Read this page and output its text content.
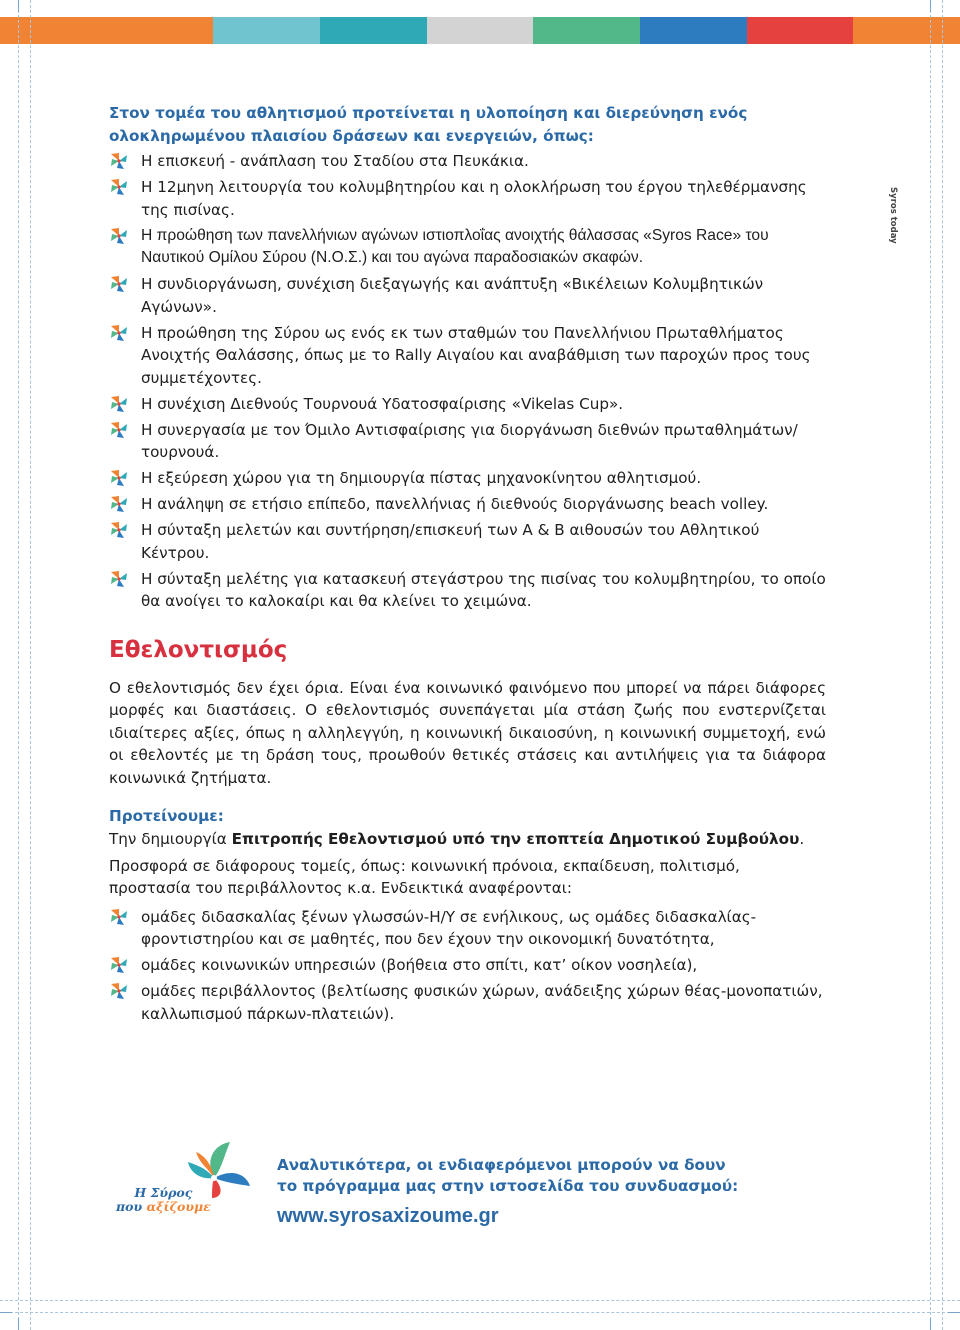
Syros today

Στον τομέα του αθλητισμού προτείνεται η υλοποίηση και διερεύνηση ενός ολοκληρωμένου πλαισίου δράσεων και ενεργειών, όπως:

Η επισκευή - ανάπλαση του Σταδίου στα Πευκάκια.
Η 12μηνη λειτουργία του κολυμβητηρίου και η ολοκλήρωση του έργου τηλεθέρμανσης της πισίνας.
Η προώθηση των πανελλήνιων αγώνων ιστιοπλοΐας ανοιχτής θάλασσας «Syros Race» του Ναυτικού Ομίλου Σύρου (Ν.Ο.Σ.) και του αγώνα παραδοσιακών σκαφών.
Η συνδιοργάνωση, συνέχιση διεξαγωγής και ανάπτυξη «Βικέλειων Κολυμβητικών Αγώνων».
Η προώθηση της Σύρου ως ενός εκ των σταθμών του Πανελλήνιου Πρωταθλήματος Ανοιχτής Θαλάσσης, όπως με το Rally Αιγαίου και αναβάθμιση των παροχών προς τους συμμετέχοντες.
Η συνέχιση Διεθνούς Τουρνουά Υδατοσφαίρισης «Vikelas Cup».
Η συνεργασία με τον Όμιλο Αντισφαίρισης για διοργάνωση διεθνών πρωταθλημάτων/τουρνουά.
Η εξεύρεση χώρου για τη δημιουργία πίστας μηχανοκίνητου αθλητισμού.
Η ανάληψη σε ετήσιο επίπεδο, πανελλήνιας ή διεθνούς διοργάνωσης beach volley.
Η σύνταξη μελετών και συντήρηση/επισκευή των Α & Β αιθουσών του Αθλητικού Κέντρου.
Η σύνταξη μελέτης για κατασκευή στεγάστρου της πισίνας του κολυμβητηρίου, το οποίο θα ανοίγει το καλοκαίρι και θα κλείνει το χειμώνα.
Εθελοντισμός

Ο εθελοντισμός δεν έχει όρια. Είναι ένα κοινωνικό φαινόμενο που μπορεί να πάρει διάφορες μορφές και διαστάσεις. Ο εθελοντισμός συνεπάγεται μία στάση ζωής που ενστερνίζεται ιδιαίτερες αξίες, όπως η αλληλεγγύη, η κοινωνική δικαιοσύνη, η κοινωνική συμμετοχή, ενώ οι εθελοντές με τη δράση τους, προωθούν θετικές στάσεις και αντιλήψεις για τα διάφορα κοινωνικά ζητήματα.

Προτείνουμε:

Την δημιουργία Επιτροπής Εθελοντισμού υπό την εποπτεία Δημοτικού Συμβούλου.

Προσφορά σε διάφορους τομείς, όπως: κοινωνική πρόνοια, εκπαίδευση, πολιτισμό, προστασία του περιβάλλοντος κ.α. Ενδεικτικά αναφέρονται:

ομάδες διδασκαλίας ξένων γλωσσών-Η/Υ σε ενήλικους, ως ομάδες διδασκαλίας-φροντιστηρίου και σε μαθητές, που δεν έχουν την οικονομική δυνατότητα,
ομάδες κοινωνικών υπηρεσιών (βοήθεια στο σπίτι, κατ’ οίκον νοσηλεία),
ομάδες περιβάλλοντος (βελτίωσης φυσικών χώρων, ανάδειξης χώρων θέας-μονοπατιών, καλλωπισμού πάρκων-πλατειών).
Η Σύρος
που αξίζουμε

Αναλυτικότερα, οι ενδιαφερόμενοι μπορούν να δουν

το πρόγραμμα μας στην ιστοσελίδα του συνδυασμού:

www.syrosaxizoume.gr
